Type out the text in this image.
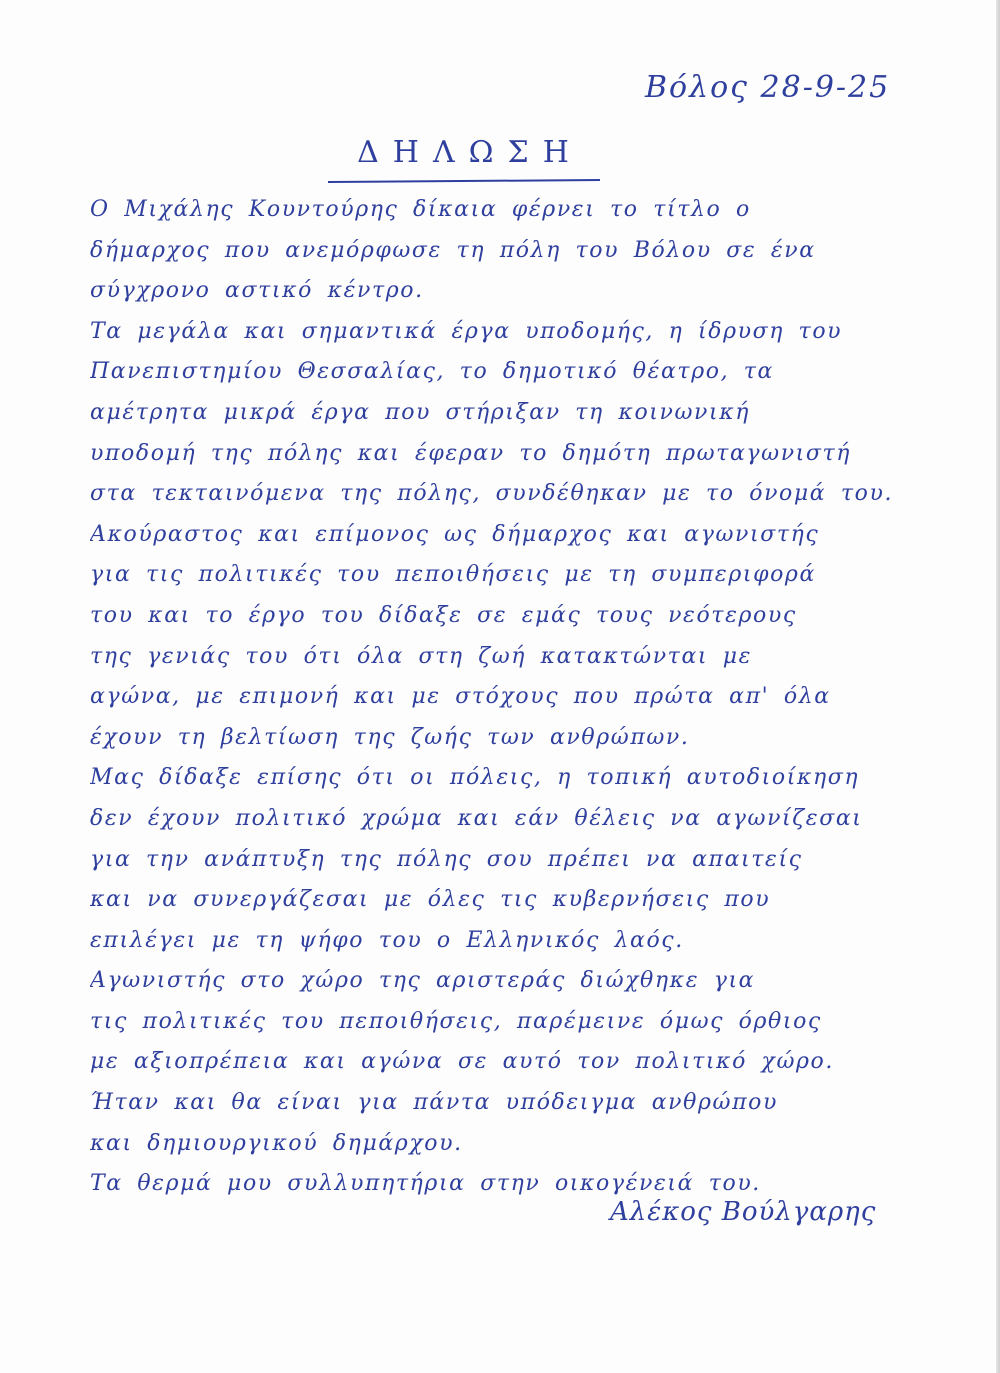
Βόλος 28-9-25
ΔΗΛΩΣΗ
Ο Μιχάλης Κουντούρης δίκαια φέρνει το τίτλο ο
δήμαρχος που ανεμόρφωσε τη πόλη του Βόλου σε ένα
σύγχρονο αστικό κέντρο.
Τα μεγάλα και σημαντικά έργα υποδομής, η ίδρυση του
Πανεπιστημίου Θεσσαλίας, το δημοτικό θέατρο, τα
αμέτρητα μικρά έργα που στήριξαν τη κοινωνική
υποδομή της πόλης και έφεραν το δημότη πρωταγωνιστή
στα τεκταινόμενα της πόλης, συνδέθηκαν με το όνομά του.
Ακούραστος και επίμονος ως δήμαρχος και αγωνιστής
για τις πολιτικές του πεποιθήσεις με τη συμπεριφορά
του και το έργο του δίδαξε σε εμάς τους νεότερους
της γενιάς του ότι όλα στη ζωή κατακτώνται με
αγώνα, με επιμονή και με στόχους που πρώτα απ' όλα
έχουν τη βελτίωση της ζωής των ανθρώπων.
Μας δίδαξε επίσης ότι οι πόλεις, η τοπική αυτοδιοίκηση
δεν έχουν πολιτικό χρώμα και εάν θέλεις να αγωνίζεσαι
για την ανάπτυξη της πόλης σου πρέπει να απαιτείς
και να συνεργάζεσαι με όλες τις κυβερνήσεις που
επιλέγει με τη ψήφο του ο Ελληνικός λαός.
Αγωνιστής στο χώρο της αριστεράς διώχθηκε για
τις πολιτικές του πεποιθήσεις, παρέμεινε όμως όρθιος
με αξιοπρέπεια και αγώνα σε αυτό τον πολιτικό χώρο.
Ήταν και θα είναι για πάντα υπόδειγμα ανθρώπου
και δημιουργικού δημάρχου.
Τα θερμά μου συλλυπητήρια στην οικογένειά του.
Αλέκος Βούλγαρης
